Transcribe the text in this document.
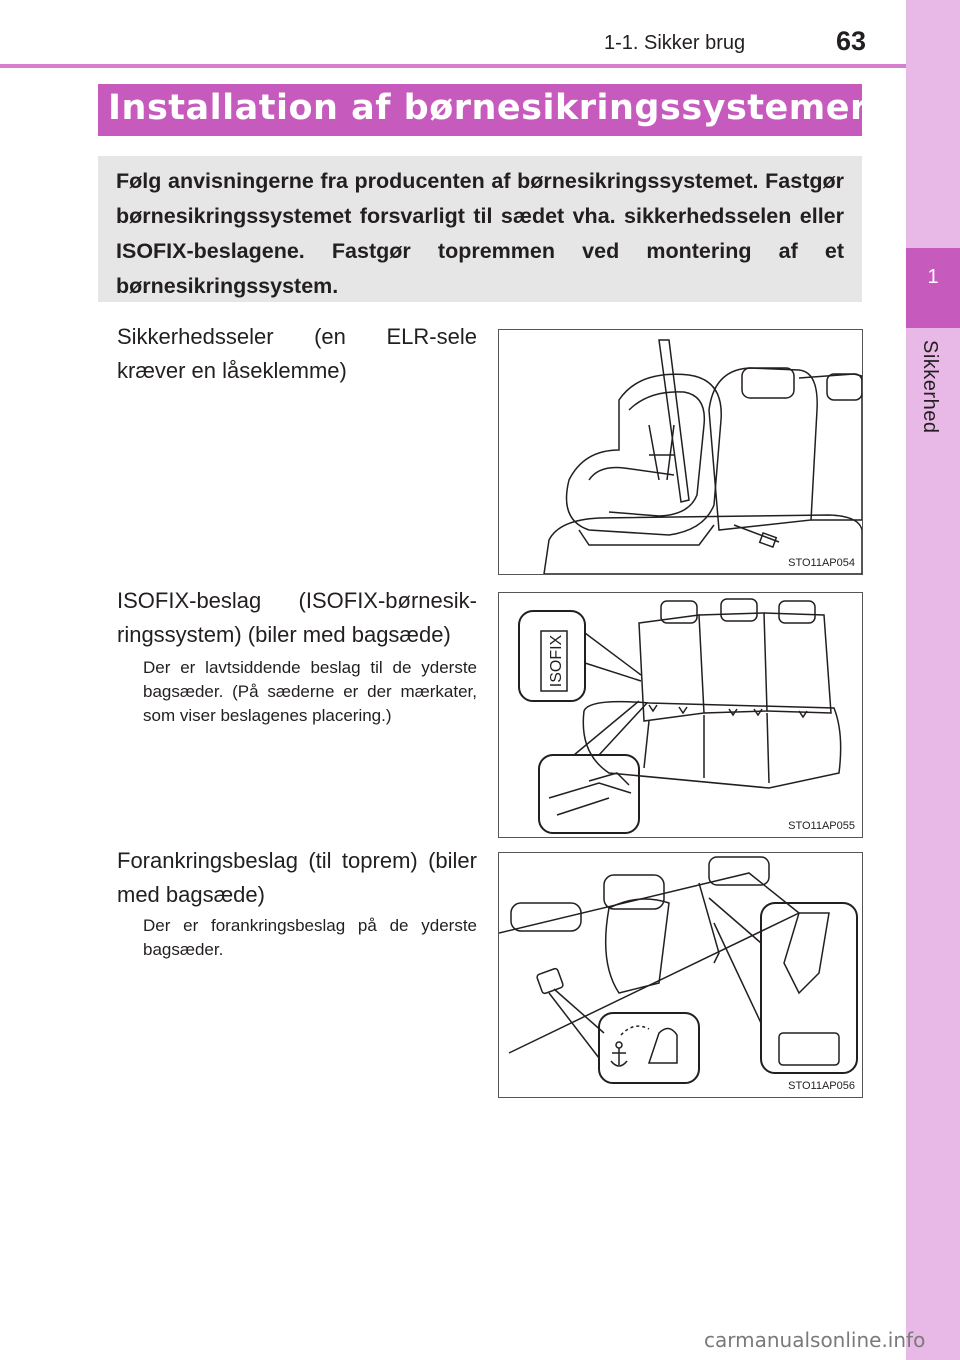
1-1. Sikker brug	63
1
Sikkerhed
Installation af børnesikringssystemer
Følg anvisningerne fra producenten af børnesikringssystemet. Fastgør børnesikringssystemet forsvarligt til sædet vha. sikkerhedsselen eller ISOFIX-beslagene. Fastgør topremmen ved montering af et børnesikringssystem.
Sikkerhedsseler (en ELR-sele kræver en låseklemme)
STO11AP054
ISOFIX-beslag (ISOFIX-børnesikringssystem) (biler med bagsæde)
Der er lavtsiddende beslag til de yderste bagsæder. (På sæderne er der mærkater, som viser beslagenes placering.)
ISOFIX
STO11AP055
Forankringsbeslag (til toprem) (biler med bagsæde)
Der er forankringsbeslag på de yderste bagsæder.
STO11AP056
carmanualsonline.info
